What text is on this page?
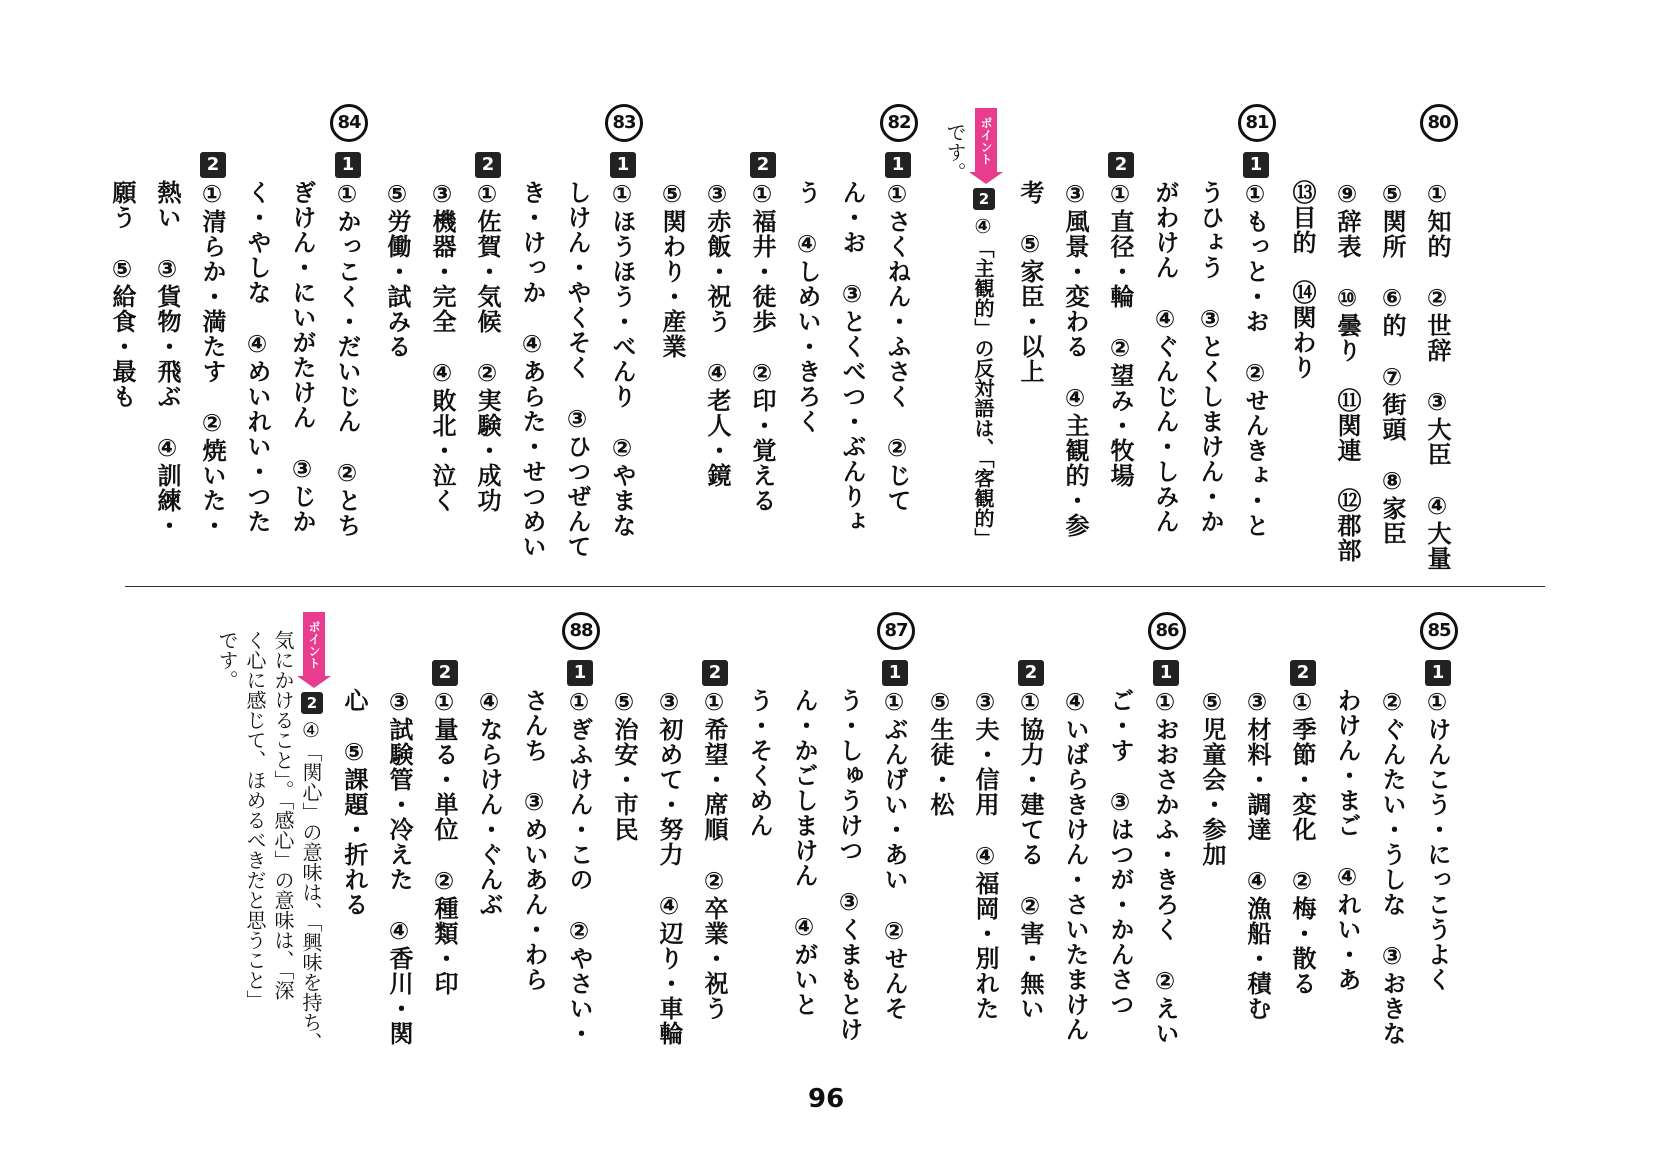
80
①知的　②世辞　③大臣　④大量
⑤関所　⑥的　⑦街頭　⑧家臣
⑨辞表　⑩曇り　⑪関連　⑫郡部
⑬目的　⑭関わり
81
1
①もっと・お　②せんきょ・と
うひょう　③とくしまけん・か
がわけん　④ぐんじん・しみん
2
①直径・輪　②望み・牧場
③風景・変わる　④主観的・参
考　⑤家臣・以上
ポイント
2
④「主観的」の反対語は、「客観的」
です。
82
1
①さくねん・ふさく　②じて
ん・お　③とくべつ・ぶんりょ
う　④しめい・きろく
2
①福井・徒歩　②印・覚える
③赤飯・祝う　④老人・鏡
⑤関わり・産業
83
1
①ほうほう・べんり　②やまな
しけん・やくそく　③ひつぜんて
き・けっか　④あらた・せつめい
2
①佐賀・気候　②実験・成功
③機器・完全　④敗北・泣く
⑤労働・試みる
84
1
①かっこく・だいじん　②とち
ぎけん・にいがたけん　③じか
く・やしな　④めいれい・つた
2
①清らか・満たす　②焼いた・
熱い　③貨物・飛ぶ　④訓練・
願う　⑤給食・最も
85
1
①けんこう・にっこうよく
②ぐんたい・うしな　③おきな
わけん・まご　④れい・あ
2
①季節・変化　②梅・散る
③材料・調達　④漁船・積む
⑤児童会・参加
86
1
①おおさかふ・きろく　②えい
ご・す　③はつが・かんさつ
④いばらきけん・さいたまけん
2
①協力・建てる　②害・無い
③夫・信用　④福岡・別れた
⑤生徒・松
87
1
①ぶんげい・あい　②せんそ
う・しゅうけつ　③くまもとけ
ん・かごしまけん　④がいと
う・そくめん
2
①希望・席順　②卒業・祝う
③初めて・努力　④辺り・車輪
⑤治安・市民
88
1
①ぎふけん・この　②やさい・
さんち　③めいあん・わら
④ならけん・ぐんぶ
2
①量る・単位　②種類・印
③試験管・冷えた　④香川・関
心　⑤課題・折れる
ポイント
2
④「関心」の意味は、「興味を持ち、
気にかけること」。「感心」の意味は、「深
く心に感じて、ほめるべきだと思うこと」
です。
96
